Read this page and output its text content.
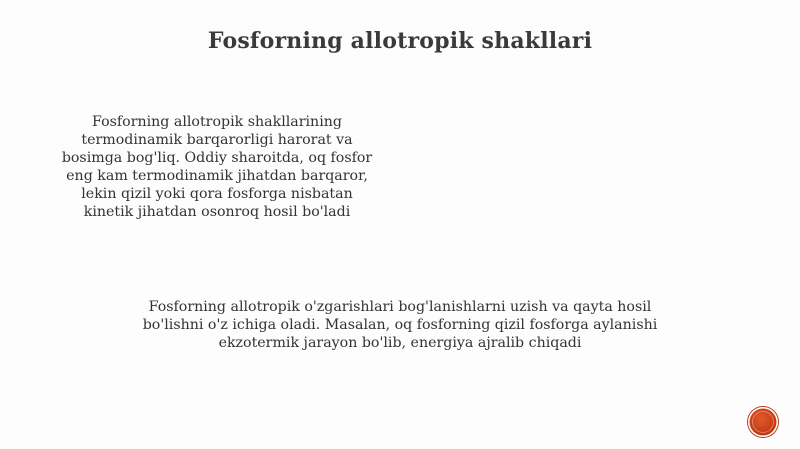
Fosforning allotropik shakllari
Fosforning allotropik shakllarining termodinamik barqarorligi harorat va bosimga bog'liq. Oddiy sharoitda, oq fosfor eng kam termodinamik jihatdan barqaror, lekin qizil yoki qora fosforga nisbatan kinetik jihatdan osonroq hosil bo'ladi
Fosforning allotropik o'zgarishlari bog'lanishlarni uzish va qayta hosil bo'lishni o'z ichiga oladi. Masalan, oq fosforning qizil fosforga aylanishi ekzotermik jarayon bo'lib, energiya ajralib chiqadi
